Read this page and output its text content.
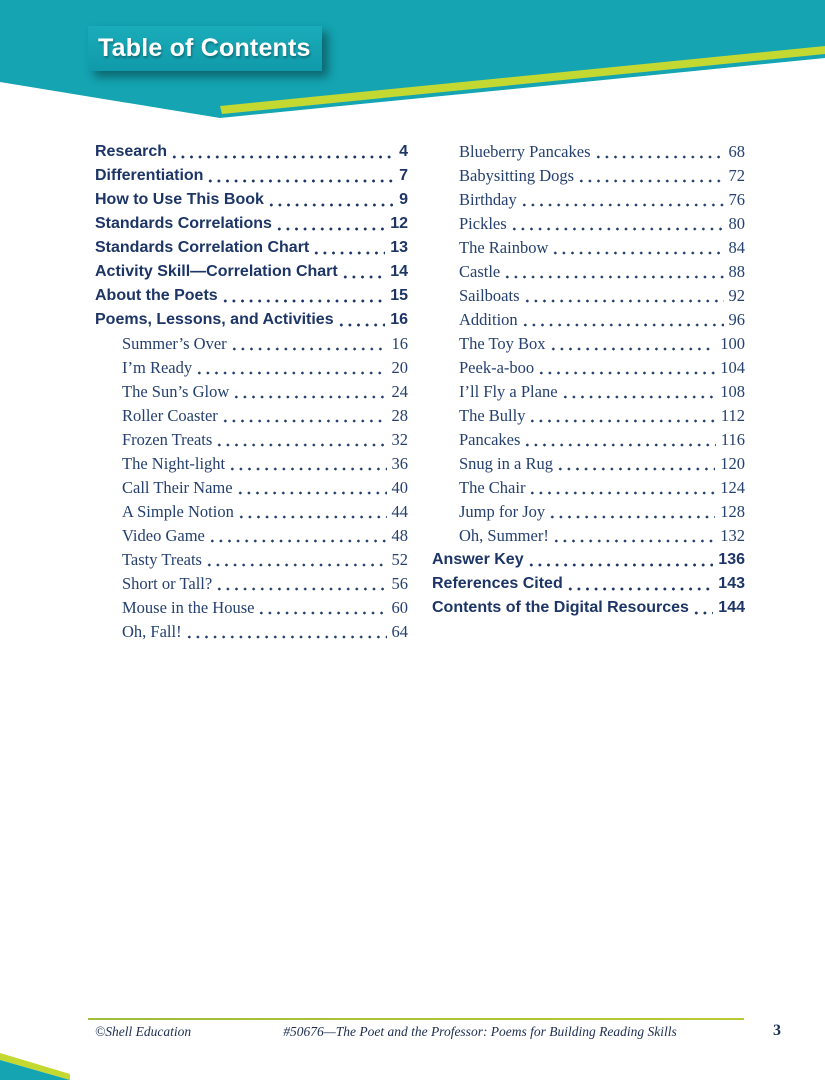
Table of Contents
Research	4
Differentiation	7
How to Use This Book	9
Standards Correlations	12
Standards Correlation Chart	13
Activity Skill—Correlation Chart	14
About the Poets	15
Poems, Lessons, and Activities	16
Summer’s Over	16
I’m Ready	20
The Sun’s Glow	24
Roller Coaster	28
Frozen Treats	32
The Night-light	36
Call Their Name	40
A Simple Notion	44
Video Game	48
Tasty Treats	52
Short or Tall?	56
Mouse in the House	60
Oh, Fall!	64
Blueberry Pancakes	68
Babysitting Dogs	72
Birthday	76
Pickles	80
The Rainbow	84
Castle	88
Sailboats	92
Addition	96
The Toy Box	100
Peek-a-boo	104
I’ll Fly a Plane	108
The Bully	112
Pancakes	116
Snug in a Rug	120
The Chair	124
Jump for Joy	128
Oh, Summer!	132
Answer Key	136
References Cited	143
Contents of the Digital Resources 144
©Shell Education	#50676—The Poet and the Professor: Poems for Building Reading Skills	3
